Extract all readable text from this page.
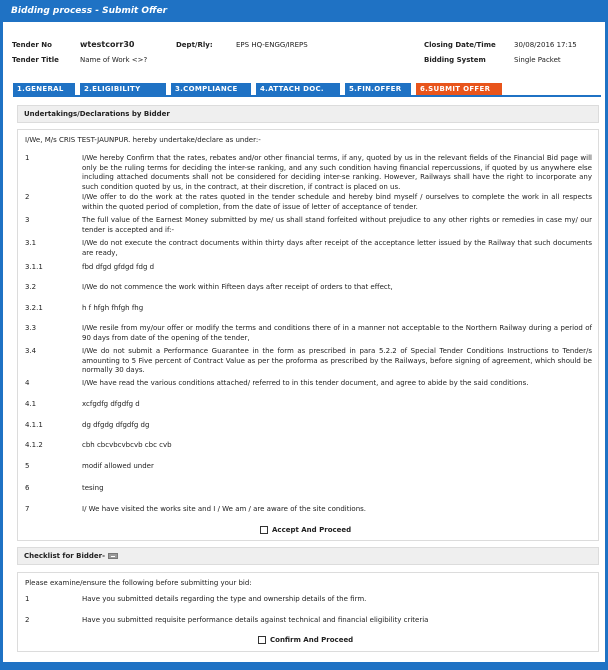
Bidding process - Submit Offer
Tender No	wtestcorr30	Dept/Rly:	EPS HQ-ENGG/IREPS	Closing Date/Time	30/08/2016 17:15
Tender Title	Name of Work <>?	Bidding System	Single Packet
1.GENERAL	2.ELIGIBILITY	3.COMPLIANCE	4.ATTACH DOC.	5.FIN.OFFER	6.SUBMIT OFFER
Undertakings/Declarations by Bidder
I/We, M/s CRIS TEST-JAUNPUR. hereby undertake/declare as under:-
1	I/We hereby Confirm that the rates, rebates and/or other financial terms, if any, quoted by us in the relevant fields of the Financial Bid page will only be the ruling terms for deciding the inter-se ranking, and any such condition having financial repercussions, if quoted by us anywhere else including attached documents shall not be considered for deciding inter-se ranking. However, Railways shall have the right to incorporate any such condition quoted by us, in the contract, at their discretion, if contract is placed on us.
2	I/We offer to do the work at the rates quoted in the tender schedule and hereby bind myself / ourselves to complete the work in all respects within the quoted period of completion, from the date of issue of letter of acceptance of tender.
3	The full value of the Earnest Money submitted by me/ us shall stand forfeited without prejudice to any other rights or remedies in case my/ our tender is accepted and if:-
3.1	I/We do not execute the contract documents within thirty days after receipt of the acceptance letter issued by the Railway that such documents are ready,
3.1.1	fbd dfgd gfdgd fdg d
3.2	I/We do not commence the work within Fifteen days after receipt of orders to that effect,
3.2.1	h f hfgh fhfgh fhg
3.3	I/We resile from my/our offer or modify the terms and conditions there of in a manner not acceptable to the Northern Railway during a period of 90 days from date of the opening of the tender,
3.4	I/We do not submit a Performance Guarantee in the form as prescribed in para 5.2.2 of Special Tender Conditions Instructions to Tender/s amounting to 5 Five percent of Contract Value as per the proforma as prescribed by the Railways, before signing of agreement, which should be normally 30 days.
4	I/We have read the various conditions attached/ referred to in this tender document, and agree to abide by the said conditions.
4.1	xcfgdfg dfgdfg d
4.1.1	dg dfgdg dfgdfg dg
4.1.2	cbh cbcvbcvbcvb cbc cvb
5	modif allowed under
6	tesing
7	I/ We have visited the works site and I / We am / are aware of the site conditions.
Accept And Proceed
Checklist for Bidder-
Please examine/ensure the following before submitting your bid:
1	Have you submitted details regarding the type and ownership details of the firm.
2	Have you submitted requisite performance details against technical and financial eligibility criteria
Confirm And Proceed
